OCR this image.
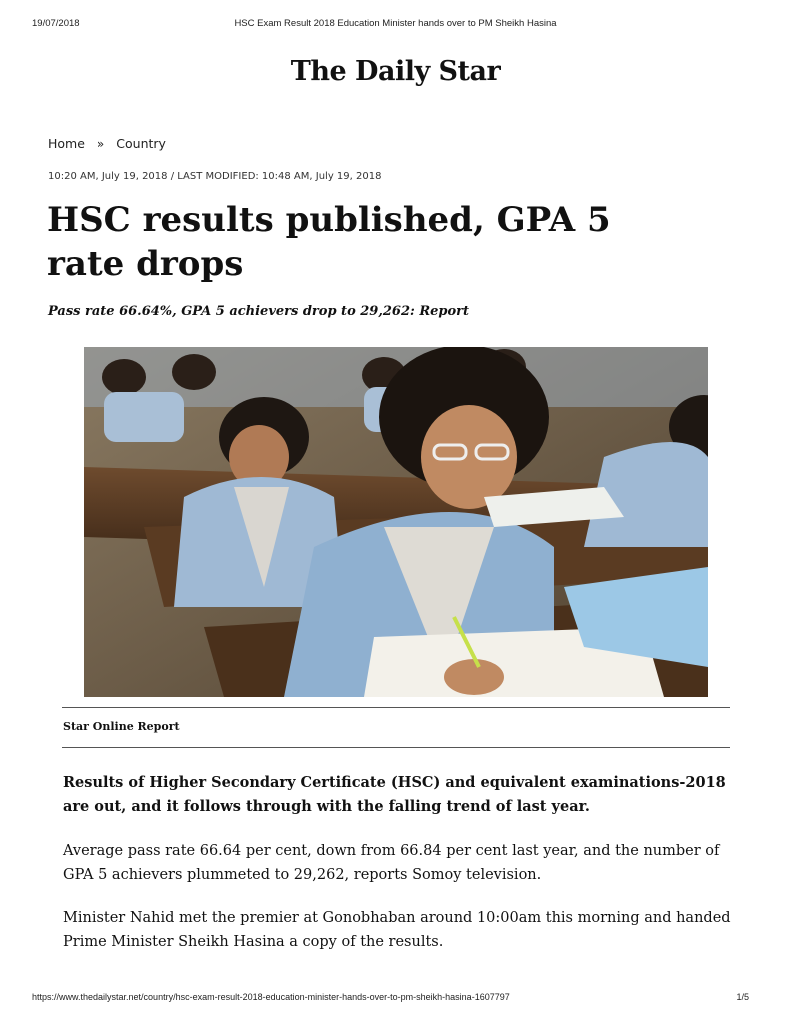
19/07/2018	HSC Exam Result 2018 Education Minister hands over to PM Sheikh Hasina
The Daily Star
Home » Country
10:20 AM, July 19, 2018 / LAST MODIFIED: 10:48 AM, July 19, 2018
HSC results published, GPA 5 rate drops

Pass rate 66.64%, GPA 5 achievers drop to 29,262: Report

Star Online Report

Results of Higher Secondary Certificate (HSC) and equivalent examinations-2018 are out, and it follows through with the falling trend of last year.

Average pass rate 66.64 per cent, down from 66.84 per cent last year, and the number of GPA 5 achievers plummeted to 29,262, reports Somoy television.

Minister Nahid met the premier at Gonobhaban around 10:00am this morning and handed Prime Minister Sheikh Hasina a copy of the results.

https://www.thedailystar.net/country/hsc-exam-result-2018-education-minister-hands-over-to-pm-sheikh-hasina-1607797	1/5
